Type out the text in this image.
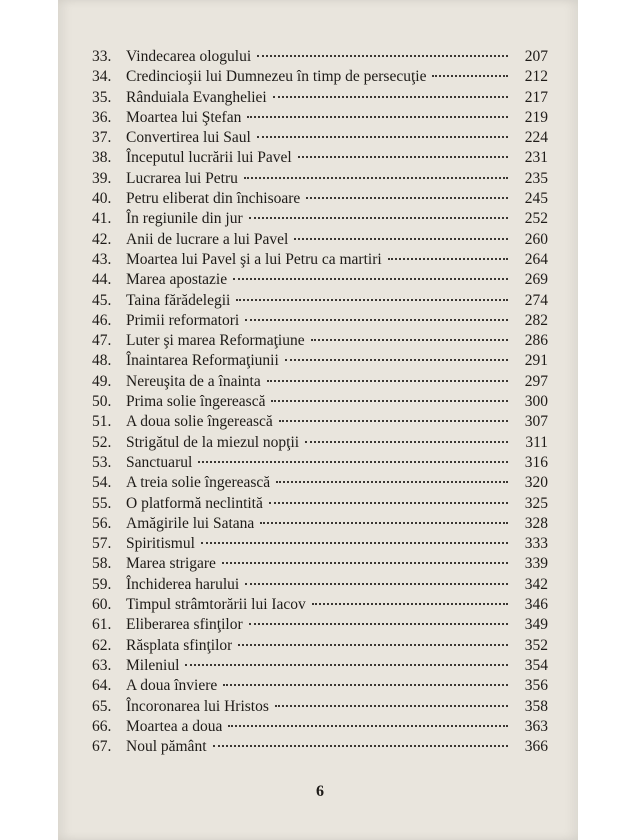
33. Vindecarea ologului	207
34. Credincioşii lui Dumnezeu în timp de persecuţie	212
35. Rânduiala Evangheliei	217
36. Moartea lui Ştefan	219
37. Convertirea lui Saul	224
38. Începutul lucrării lui Pavel	231
39. Lucrarea lui Petru	235
40. Petru eliberat din închisoare	245
41. În regiunile din jur	252
42. Anii de lucrare a lui Pavel	260
43. Moartea lui Pavel şi a lui Petru ca martiri	264
44. Marea apostazie	269
45. Taina fărădelegii	274
46. Primii reformatori	282
47. Luter şi marea Reformaţiune	286
48. Înaintarea Reformaţiunii	291
49. Nereuşita de a înainta	297
50. Prima solie îngerească	300
51. A doua solie îngerească	307
52. Strigătul de la miezul nopţii	311
53. Sanctuarul	316
54. A treia solie îngerească	320
55. O platformă neclintită	325
56. Amăgirile lui Satana	328
57. Spiritismul	333
58. Marea strigare	339
59. Închiderea harului	342
60. Timpul strâmtorării lui Iacov	346
61. Eliberarea sfinţilor	349
62. Răsplata sfinţilor	352
63. Mileniul	354
64. A doua înviere	356
65. Încoronarea lui Hristos	358
66. Moartea a doua	363
67. Noul pământ	366
6
